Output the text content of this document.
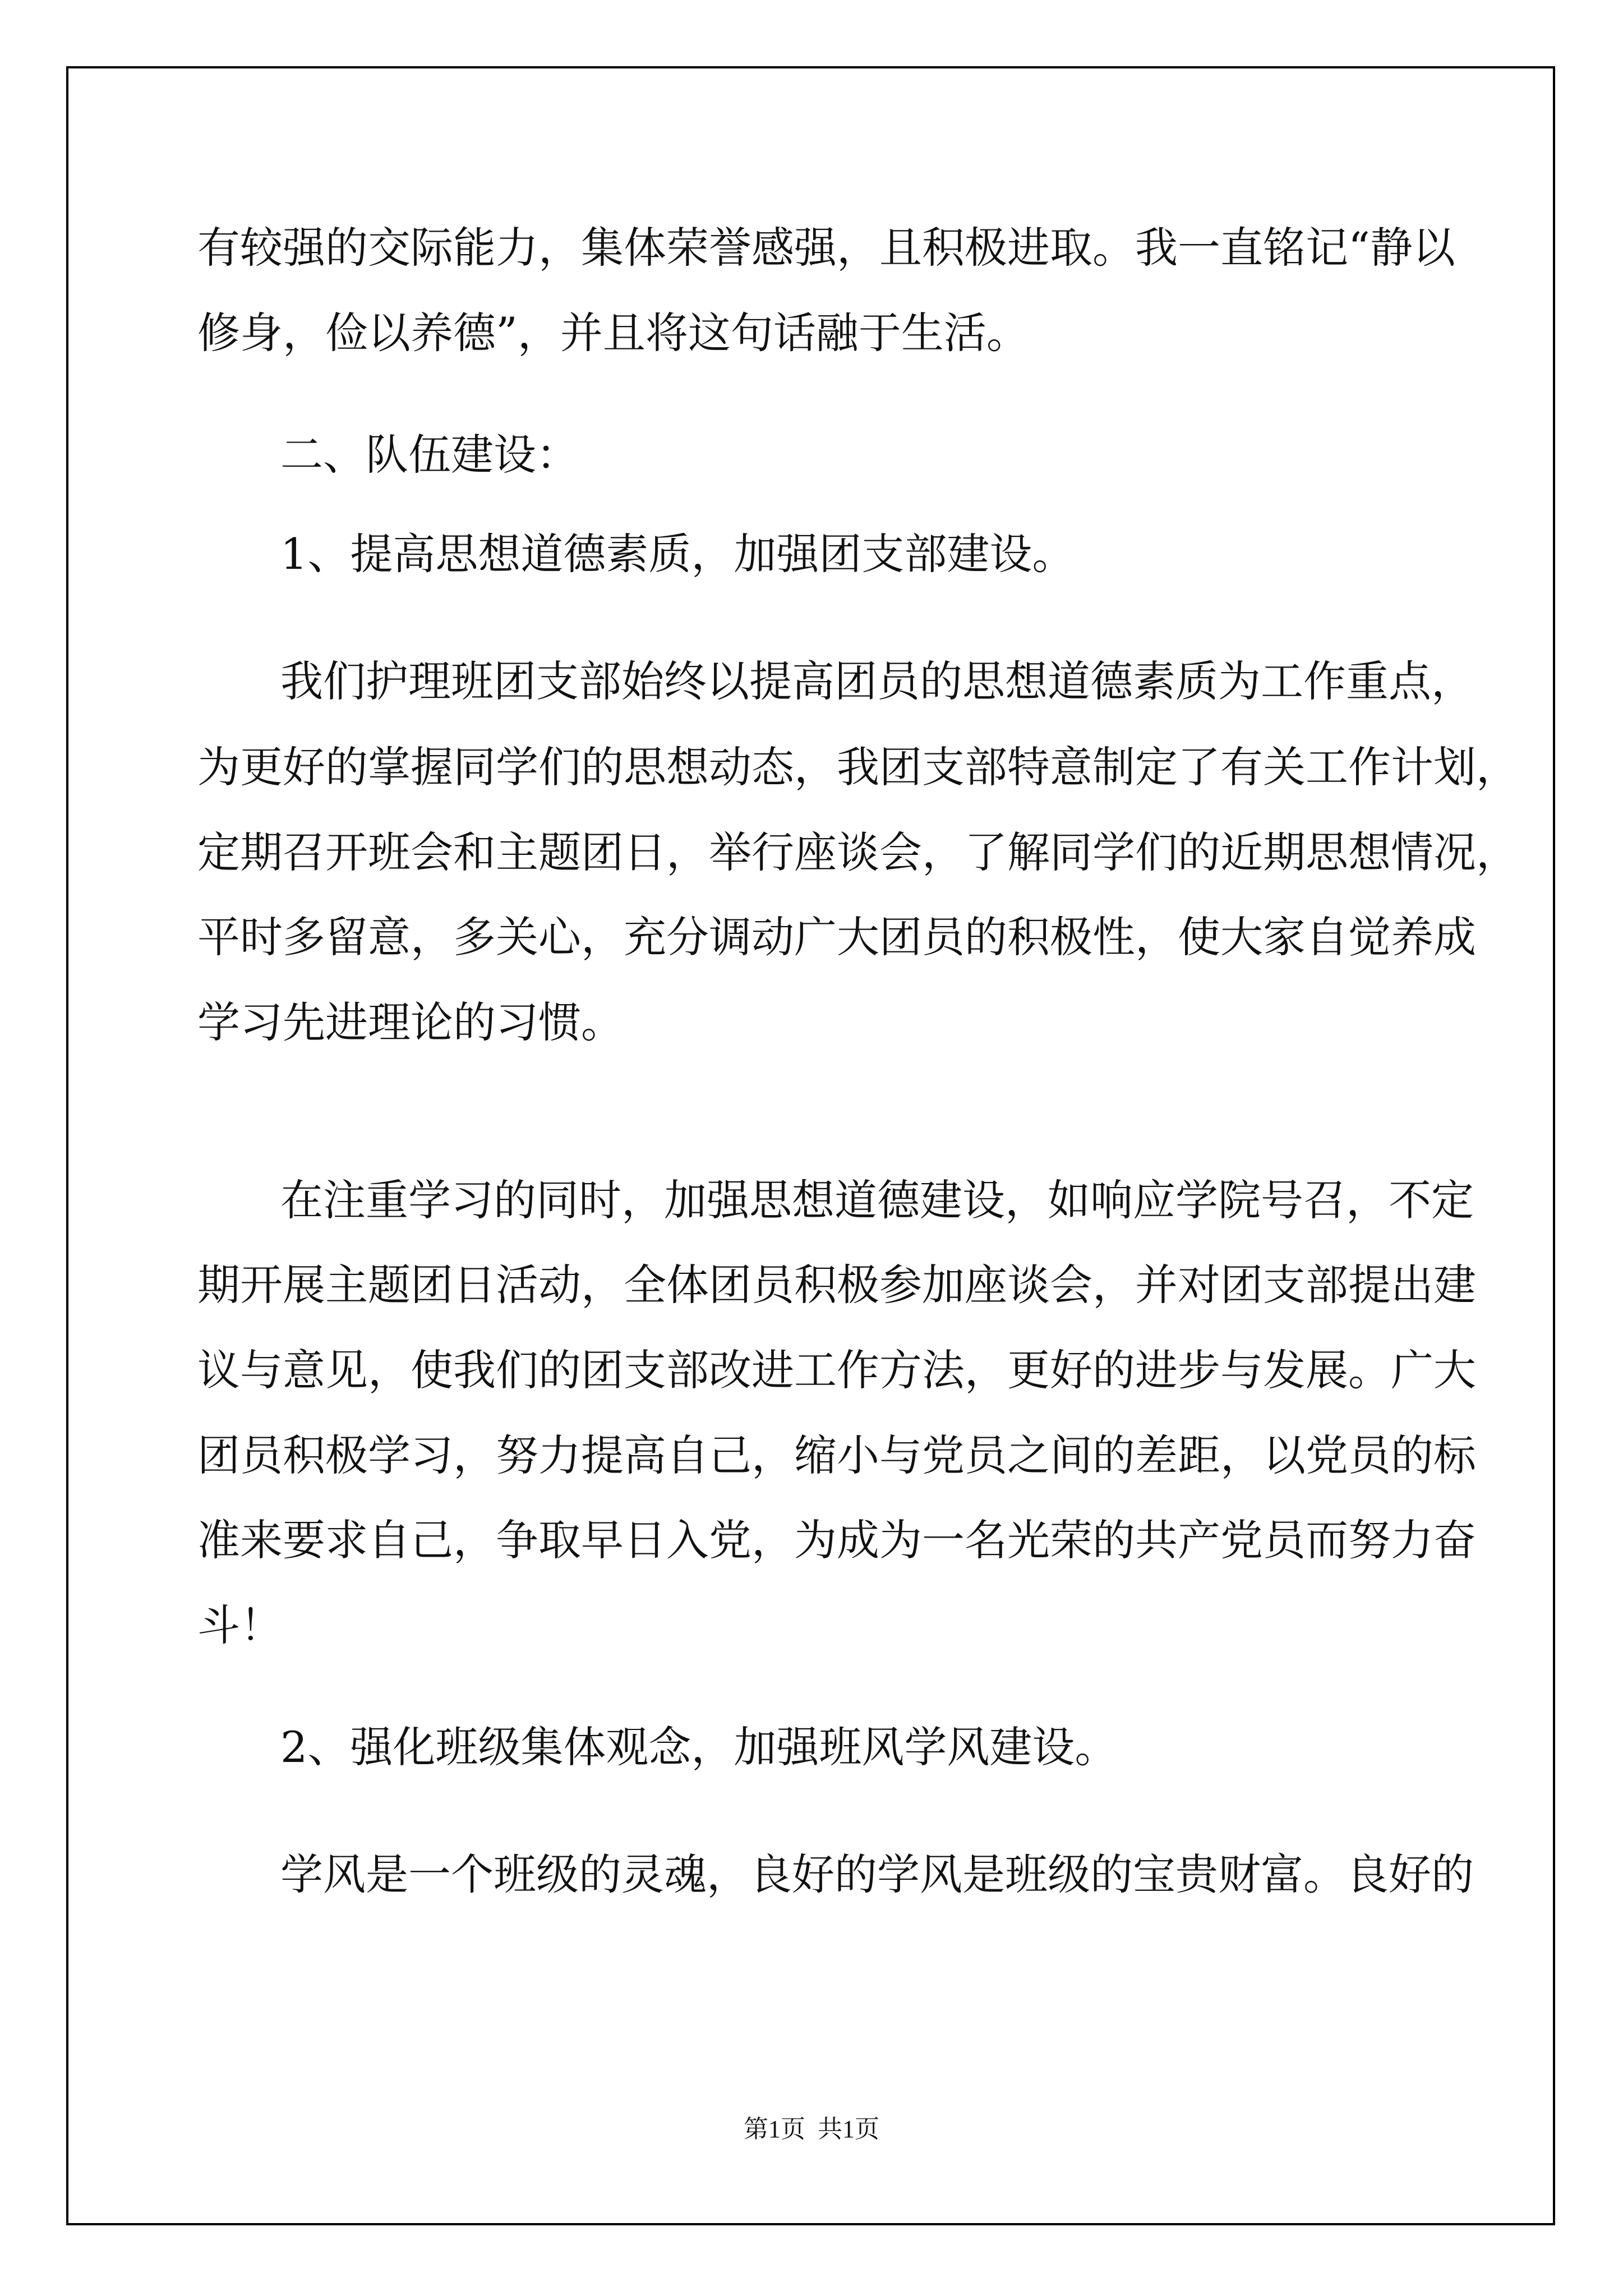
有较强的交际能力，集体荣誉感强，且积极进取。我一直铭记“静以
修身，俭以养德”，并且将这句话融于生活。
二、队伍建设：
1、提高思想道德素质，加强团支部建设。
我们护理班团支部始终以提高团员的思想道德素质为工作重点，
为更好的掌握同学们的思想动态，我团支部特意制定了有关工作计划，
定期召开班会和主题团日，举行座谈会，了解同学们的近期思想情况，
平时多留意，多关心，充分调动广大团员的积极性，使大家自觉养成
学习先进理论的习惯。
在注重学习的同时，加强思想道德建设，如响应学院号召，不定
期开展主题团日活动，全体团员积极参加座谈会，并对团支部提出建
议与意见，使我们的团支部改进工作方法，更好的进步与发展。广大
团员积极学习，努力提高自己，缩小与党员之间的差距，以党员的标
准来要求自己，争取早日入党，为成为一名光荣的共产党员而努力奋
斗！
2、强化班级集体观念，加强班风学风建设。
学风是一个班级的灵魂，良好的学风是班级的宝贵财富。良好的
第1页  共1页
